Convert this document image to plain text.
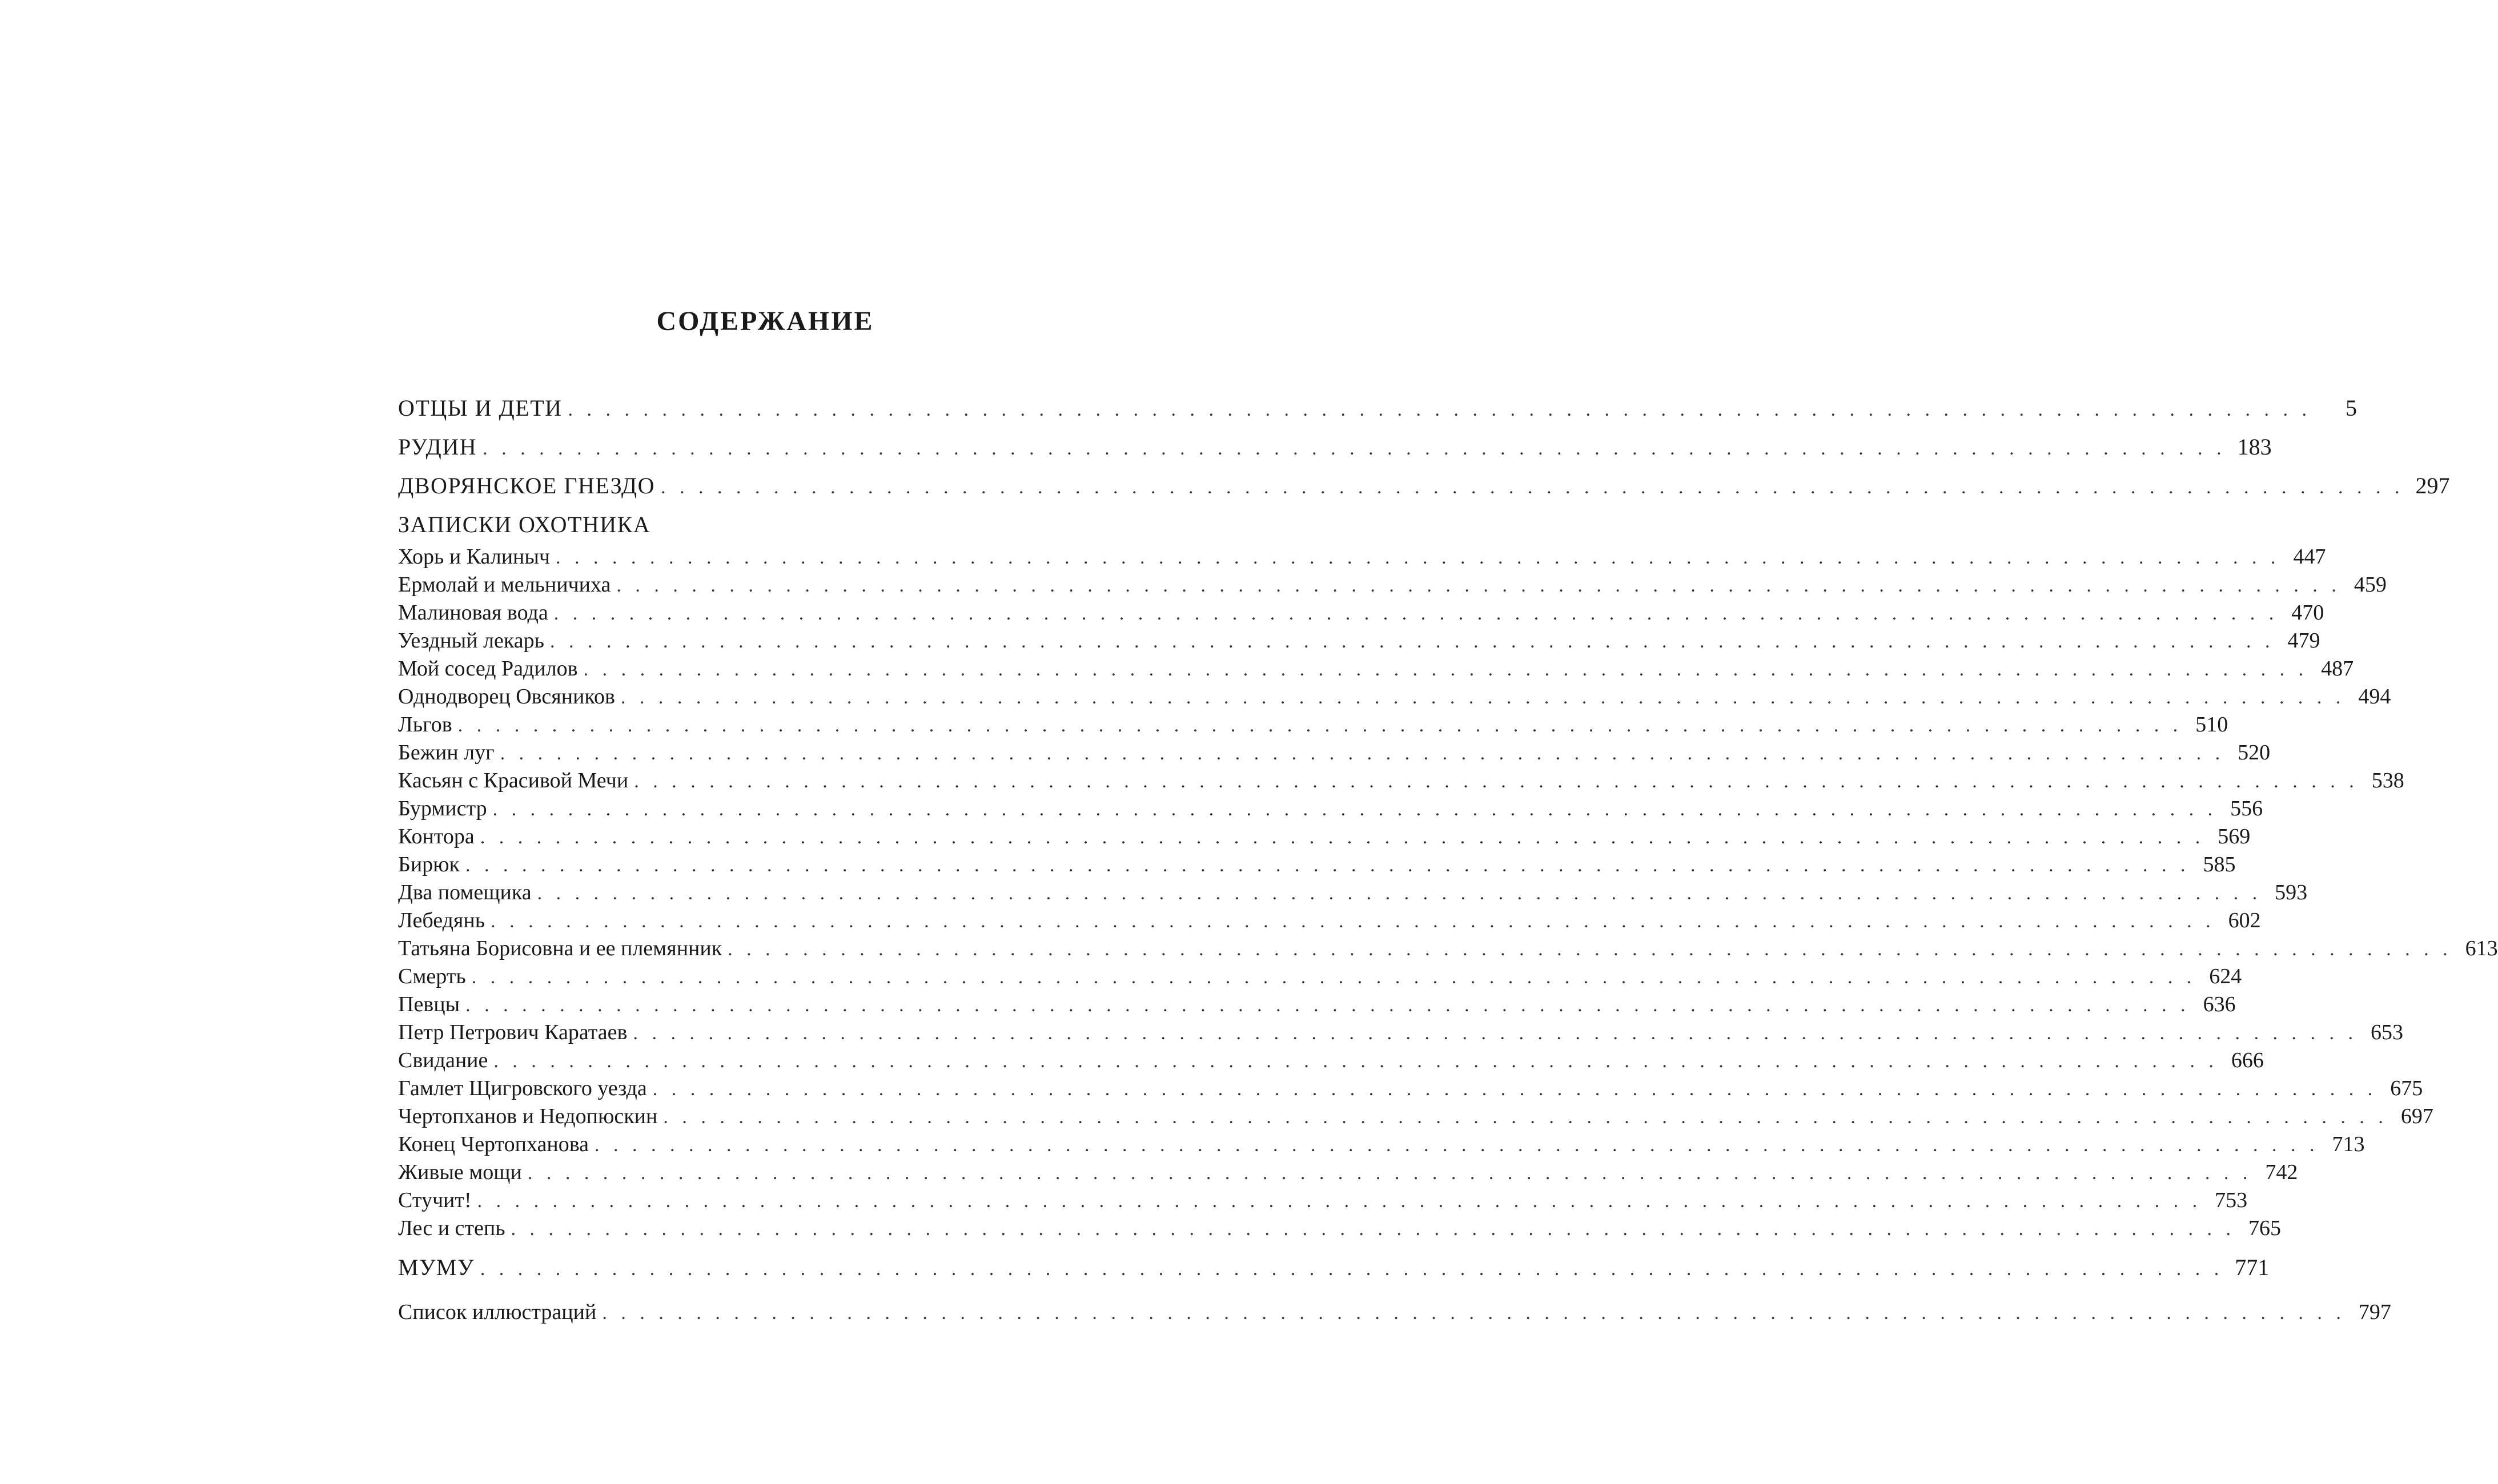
СОДЕРЖАНИЕ
ОТЦЫ И ДЕТИ . . . . . . . . . . . . . . . . . . . . . . . . . . . . . . . . . . . . . . . . . . . . . . . . . . . . . . . . . . . . . . . . . . . . . . . . . . . . . . . . . . . . . . . . . . . . .	5
РУДИН . . . . . . . . . . . . . . . . . . . . . . . . . . . . . . . . . . . . . . . . . . . . . . . . . . . . . . . . . . . . . . . . . . . . . . . . . . . . . . . . . . . . . . . . . . . . . 183
ДВОРЯНСКОЕ ГНЕЗДО . . . . . . . . . . . . . . . . . . . . . . . . . . . . . . . . . . . . . . . . . . . . . . . . . . . . . . . . . . . . . . . . . . . . . . . . . . . . . . . . . . . . . . . . . . . . . 297
ЗАПИСКИ ОХОТНИКА
Хорь и Калиныч . . . . . . . . . . . . . . . . . . . . . . . . . . . . . . . . . . . . . . . . . . . . . . . . . . . . . . . . . . . . . . . . . . . . . . . . . . . . . . . . . . . . . . . . . . . . 447
Ермолай и мельничиха . . . . . . . . . . . . . . . . . . . . . . . . . . . . . . . . . . . . . . . . . . . . . . . . . . . . . . . . . . . . . . . . . . . . . . . . . . . . . . . . . . . . . . . . . . . . 459
Малиновая вода . . . . . . . . . . . . . . . . . . . . . . . . . . . . . . . . . . . . . . . . . . . . . . . . . . . . . . . . . . . . . . . . . . . . . . . . . . . . . . . . . . . . . . . . . . . . 470
Уездный лекарь . . . . . . . . . . . . . . . . . . . . . . . . . . . . . . . . . . . . . . . . . . . . . . . . . . . . . . . . . . . . . . . . . . . . . . . . . . . . . . . . . . . . . . . . . . . . 479
Мой сосед Радилов . . . . . . . . . . . . . . . . . . . . . . . . . . . . . . . . . . . . . . . . . . . . . . . . . . . . . . . . . . . . . . . . . . . . . . . . . . . . . . . . . . . . . . . . . . . . 487
Однодворец Овсяников . . . . . . . . . . . . . . . . . . . . . . . . . . . . . . . . . . . . . . . . . . . . . . . . . . . . . . . . . . . . . . . . . . . . . . . . . . . . . . . . . . . . . . . . . . . . 494
Льгов . . . . . . . . . . . . . . . . . . . . . . . . . . . . . . . . . . . . . . . . . . . . . . . . . . . . . . . . . . . . . . . . . . . . . . . . . . . . . . . . . . . . . . . . . . . . 510
Бежин луг . . . . . . . . . . . . . . . . . . . . . . . . . . . . . . . . . . . . . . . . . . . . . . . . . . . . . . . . . . . . . . . . . . . . . . . . . . . . . . . . . . . . . . . . . . . . 520
Касьян с Красивой Мечи . . . . . . . . . . . . . . . . . . . . . . . . . . . . . . . . . . . . . . . . . . . . . . . . . . . . . . . . . . . . . . . . . . . . . . . . . . . . . . . . . . . . . . . . . . . . 538
Бурмистр . . . . . . . . . . . . . . . . . . . . . . . . . . . . . . . . . . . . . . . . . . . . . . . . . . . . . . . . . . . . . . . . . . . . . . . . . . . . . . . . . . . . . . . . . . . . 556
Контора . . . . . . . . . . . . . . . . . . . . . . . . . . . . . . . . . . . . . . . . . . . . . . . . . . . . . . . . . . . . . . . . . . . . . . . . . . . . . . . . . . . . . . . . . . . . 569
Бирюк . . . . . . . . . . . . . . . . . . . . . . . . . . . . . . . . . . . . . . . . . . . . . . . . . . . . . . . . . . . . . . . . . . . . . . . . . . . . . . . . . . . . . . . . . . . . 585
Два помещика . . . . . . . . . . . . . . . . . . . . . . . . . . . . . . . . . . . . . . . . . . . . . . . . . . . . . . . . . . . . . . . . . . . . . . . . . . . . . . . . . . . . . . . . . . . . 593
Лебедянь . . . . . . . . . . . . . . . . . . . . . . . . . . . . . . . . . . . . . . . . . . . . . . . . . . . . . . . . . . . . . . . . . . . . . . . . . . . . . . . . . . . . . . . . . . . . 602
Татьяна Борисовна и ее племянник . . . . . . . . . . . . . . . . . . . . . . . . . . . . . . . . . . . . . . . . . . . . . . . . . . . . . . . . . . . . . . . . . . . . . . . . . . . . . . . . . . . . . . . . . . . . 613
Смерть . . . . . . . . . . . . . . . . . . . . . . . . . . . . . . . . . . . . . . . . . . . . . . . . . . . . . . . . . . . . . . . . . . . . . . . . . . . . . . . . . . . . . . . . . . . . 624
Певцы . . . . . . . . . . . . . . . . . . . . . . . . . . . . . . . . . . . . . . . . . . . . . . . . . . . . . . . . . . . . . . . . . . . . . . . . . . . . . . . . . . . . . . . . . . . . 636
Петр Петрович Каратаев . . . . . . . . . . . . . . . . . . . . . . . . . . . . . . . . . . . . . . . . . . . . . . . . . . . . . . . . . . . . . . . . . . . . . . . . . . . . . . . . . . . . . . . . . . . . 653
Свидание . . . . . . . . . . . . . . . . . . . . . . . . . . . . . . . . . . . . . . . . . . . . . . . . . . . . . . . . . . . . . . . . . . . . . . . . . . . . . . . . . . . . . . . . . . . . 666
Гамлет Щигровского уезда . . . . . . . . . . . . . . . . . . . . . . . . . . . . . . . . . . . . . . . . . . . . . . . . . . . . . . . . . . . . . . . . . . . . . . . . . . . . . . . . . . . . . . . . . . . . 675
Чертопханов и Недопюскин . . . . . . . . . . . . . . . . . . . . . . . . . . . . . . . . . . . . . . . . . . . . . . . . . . . . . . . . . . . . . . . . . . . . . . . . . . . . . . . . . . . . . . . . . . . . 697
Конец Чертопханова . . . . . . . . . . . . . . . . . . . . . . . . . . . . . . . . . . . . . . . . . . . . . . . . . . . . . . . . . . . . . . . . . . . . . . . . . . . . . . . . . . . . . . . . . . . . 713
Живые мощи . . . . . . . . . . . . . . . . . . . . . . . . . . . . . . . . . . . . . . . . . . . . . . . . . . . . . . . . . . . . . . . . . . . . . . . . . . . . . . . . . . . . . . . . . . . . 742
Стучит! . . . . . . . . . . . . . . . . . . . . . . . . . . . . . . . . . . . . . . . . . . . . . . . . . . . . . . . . . . . . . . . . . . . . . . . . . . . . . . . . . . . . . . . . . . . . 753
Лес и степь . . . . . . . . . . . . . . . . . . . . . . . . . . . . . . . . . . . . . . . . . . . . . . . . . . . . . . . . . . . . . . . . . . . . . . . . . . . . . . . . . . . . . . . . . . . . 765
МУМУ . . . . . . . . . . . . . . . . . . . . . . . . . . . . . . . . . . . . . . . . . . . . . . . . . . . . . . . . . . . . . . . . . . . . . . . . . . . . . . . . . . . . . . . . . . . . . 771
Список иллюстраций . . . . . . . . . . . . . . . . . . . . . . . . . . . . . . . . . . . . . . . . . . . . . . . . . . . . . . . . . . . . . . . . . . . . . . . . . . . . . . . . . . . . . . . . . . . . . 797
